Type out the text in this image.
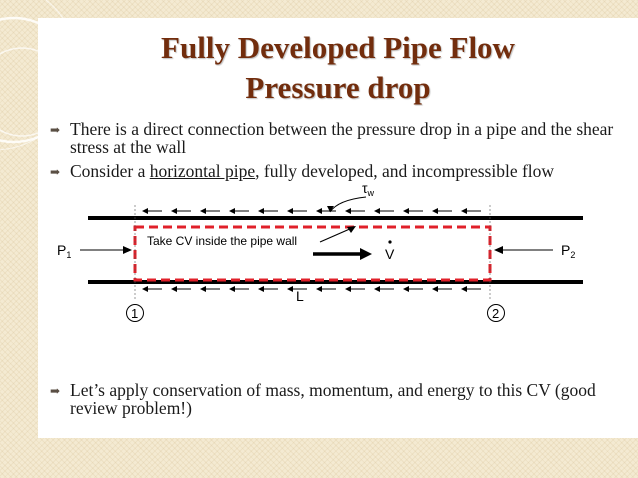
Fully Developed Pipe Flow
Pressure drop
➡ There is a direct connection between the pressure drop in a pipe and the shear stress at the wall
➡ Consider a horizontal pipe, fully developed, and incompressible flow
$\tau_w$
Take CV inside the pipe wall
V
$P_1$	$P_2$
L
1	2
➡ Let’s apply conservation of mass, momentum, and energy to this CV (good review problem!)
